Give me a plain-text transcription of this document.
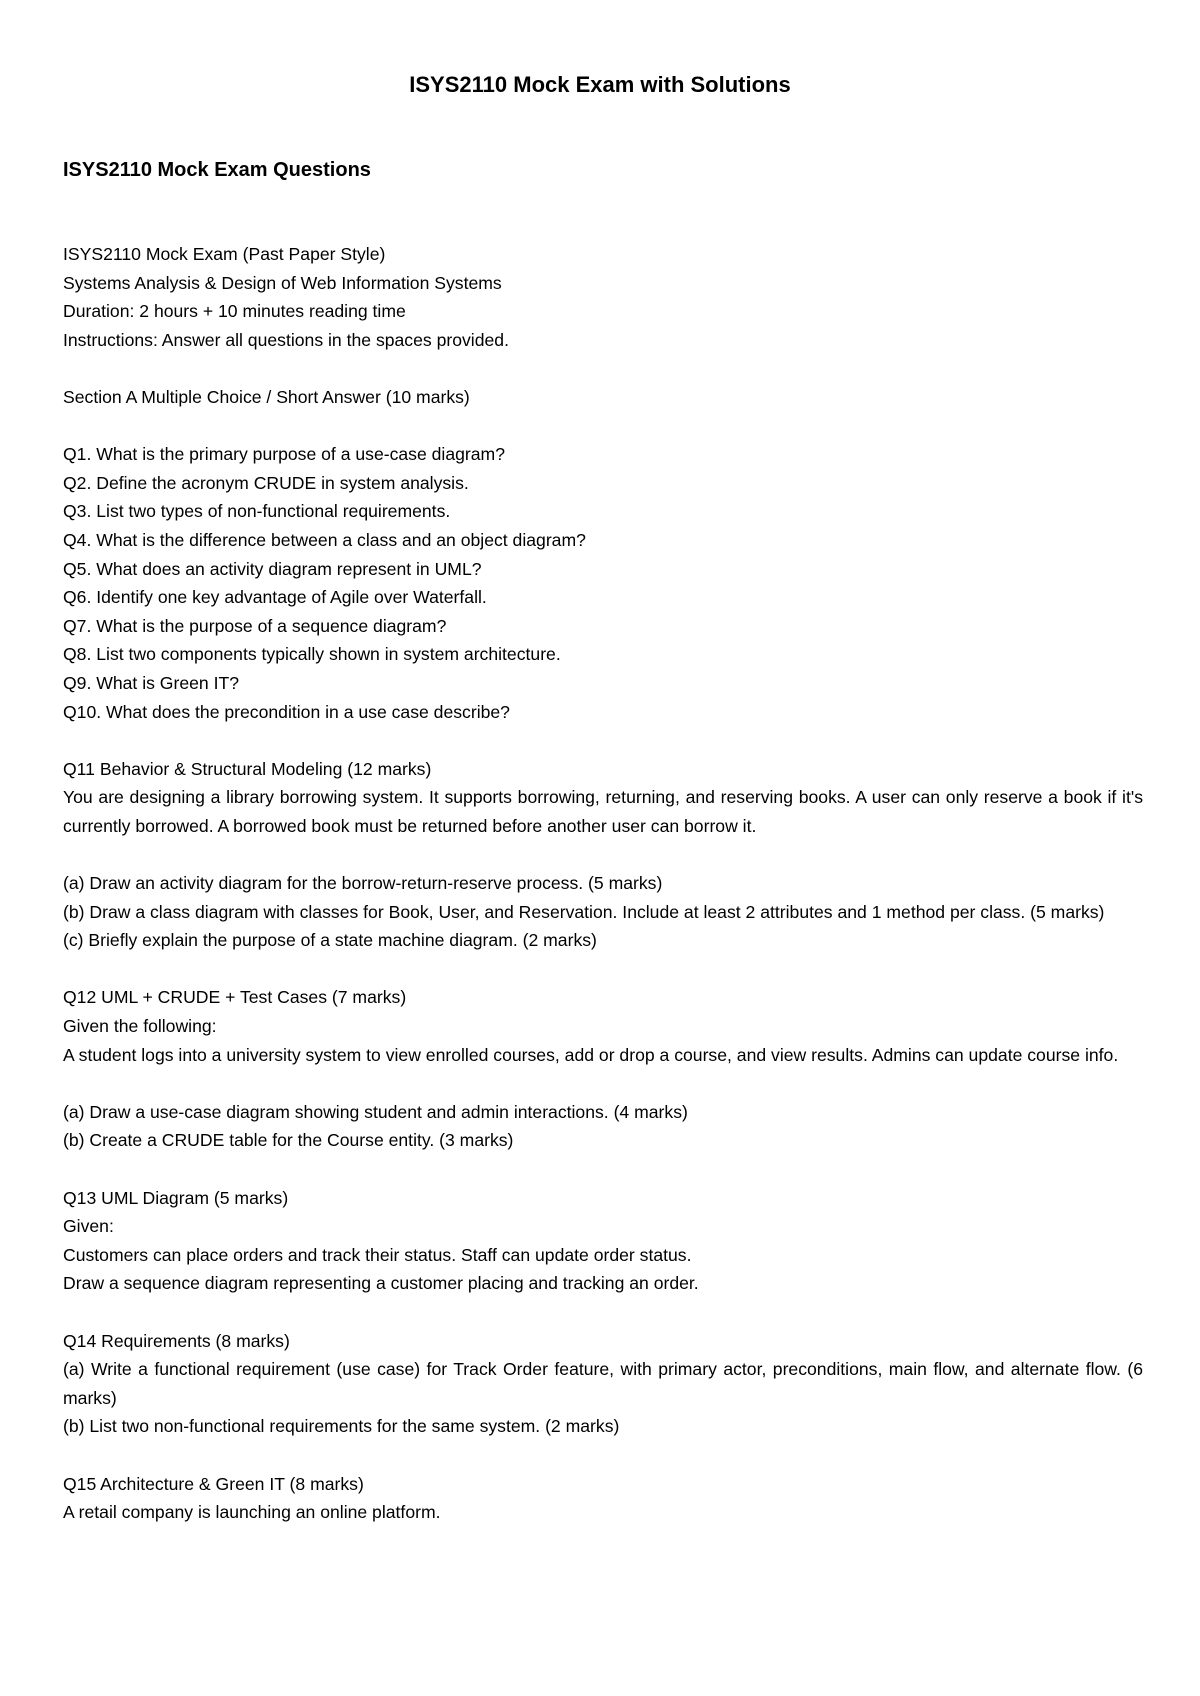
ISYS2110 Mock Exam with Solutions
ISYS2110 Mock Exam Questions

ISYS2110 Mock Exam (Past Paper Style)

Systems Analysis & Design of Web Information Systems

Duration: 2 hours + 10 minutes reading time

Instructions: Answer all questions in the spaces provided.

Section A Multiple Choice / Short Answer (10 marks)

Q1. What is the primary purpose of a use-case diagram?

Q2. Define the acronym CRUDE in system analysis.

Q3. List two types of non-functional requirements.

Q4. What is the difference between a class and an object diagram?

Q5. What does an activity diagram represent in UML?

Q6. Identify one key advantage of Agile over Waterfall.

Q7. What is the purpose of a sequence diagram?

Q8. List two components typically shown in system architecture.

Q9. What is Green IT?

Q10. What does the precondition in a use case describe?

Q11 Behavior & Structural Modeling (12 marks)

You are designing a library borrowing system. It supports borrowing, returning, and reserving books. A user can only reserve a book if it's currently borrowed. A borrowed book must be returned before another user can borrow it.

(a) Draw an activity diagram for the borrow-return-reserve process. (5 marks)

(b) Draw a class diagram with classes for Book, User, and Reservation. Include at least 2 attributes and 1 method per class. (5 marks)

(c) Briefly explain the purpose of a state machine diagram. (2 marks)

Q12 UML + CRUDE + Test Cases (7 marks)

Given the following:

A student logs into a university system to view enrolled courses, add or drop a course, and view results. Admins can update course info.

(a) Draw a use-case diagram showing student and admin interactions. (4 marks)

(b) Create a CRUDE table for the Course entity. (3 marks)

Q13 UML Diagram (5 marks)

Given:

Customers can place orders and track their status. Staff can update order status.

Draw a sequence diagram representing a customer placing and tracking an order.

Q14 Requirements (8 marks)

(a) Write a functional requirement (use case) for Track Order feature, with primary actor, preconditions, main flow, and alternate flow. (6 marks)

(b) List two non-functional requirements for the same system. (2 marks)

Q15 Architecture & Green IT (8 marks)

A retail company is launching an online platform.
